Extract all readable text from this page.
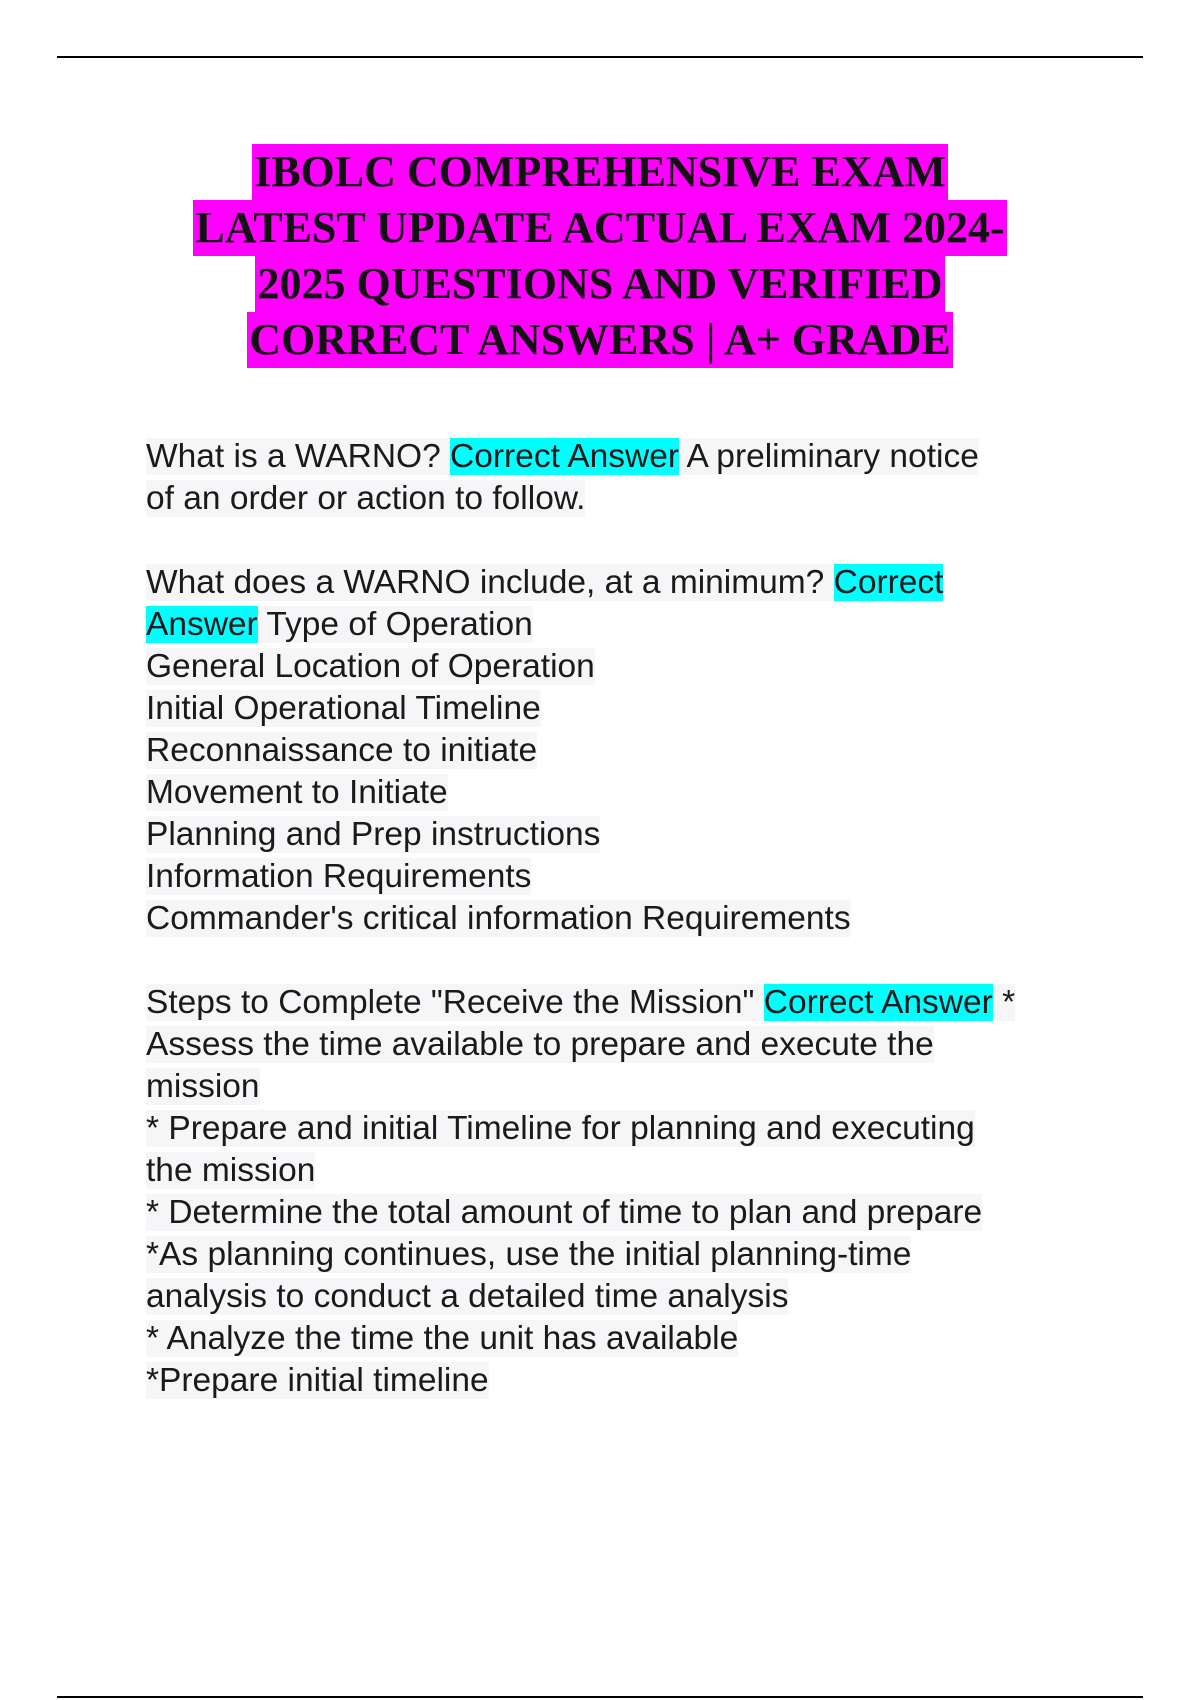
IBOLC COMPREHENSIVE EXAM
LATEST UPDATE ACTUAL EXAM 2024-
2025 QUESTIONS AND VERIFIED
CORRECT ANSWERS | A+ GRADE
What is a WARNO? Correct Answer A preliminary notice
of an order or action to follow.
What does a WARNO include, at a minimum? Correct
Answer Type of Operation
General Location of Operation
Initial Operational Timeline
Reconnaissance to initiate
Movement to Initiate
Planning and Prep instructions
Information Requirements
Commander's critical information Requirements
Steps to Complete "Receive the Mission" Correct Answer *
Assess the time available to prepare and execute the
mission
* Prepare and initial Timeline for planning and executing
the mission
* Determine the total amount of time to plan and prepare
*As planning continues, use the initial planning-time
analysis to conduct a detailed time analysis
* Analyze the time the unit has available
*Prepare initial timeline
